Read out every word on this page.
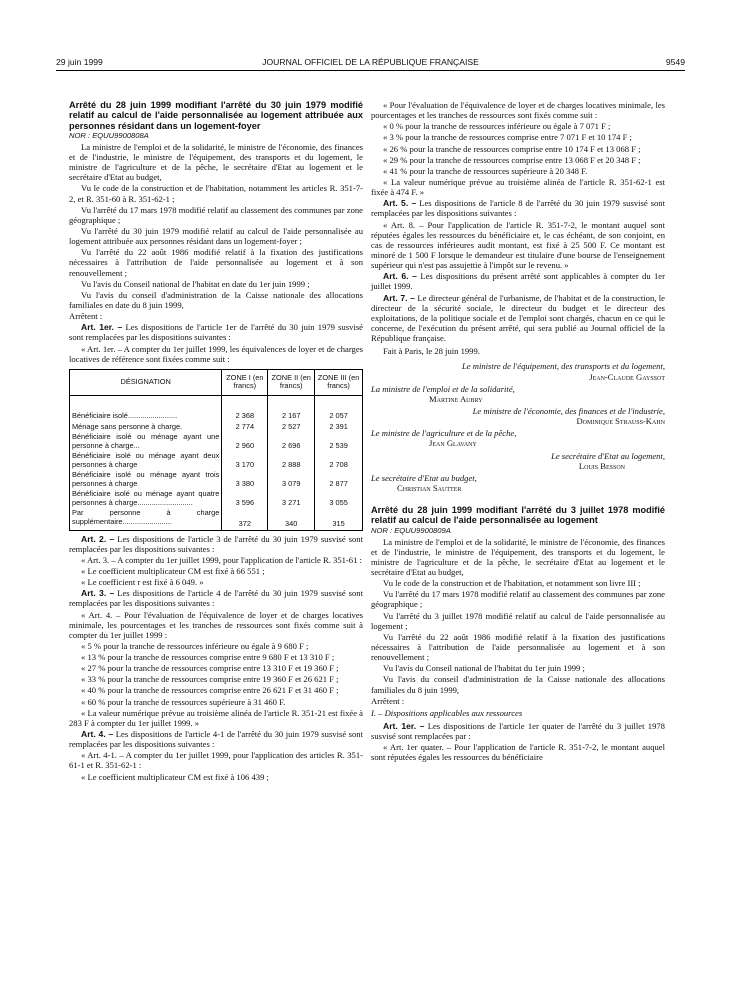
29 juin 1999	JOURNAL OFFICIEL DE LA RÉPUBLIQUE FRANÇAISE	9549

Arrêté du 28 juin 1999 modifiant l'arrêté du 30 juin 1979 modifié relatif au calcul de l'aide personnalisée au logement attribuée aux personnes résidant dans un logement-foyer

NOR : EQUU9900808A

La ministre de l'emploi et de la solidarité, le ministre de l'économie, des finances et de l'industrie, le ministre de l'équipement, des transports et du logement, le ministre de l'agriculture et de la pêche, le secrétaire d'Etat au logement et le secrétaire d'Etat au budget,

Vu le code de la construction et de l'habitation, notamment les articles R. 351-7-2, et R. 351-60 à R. 351-62-1 ;

Vu l'arrêté du 17 mars 1978 modifié relatif au classement des communes par zone géographique ;

Vu l'arrêté du 30 juin 1979 modifié relatif au calcul de l'aide personnalisée au logement attribuée aux personnes résidant dans un logement-foyer ;

Vu l'arrêté du 22 août 1986 modifié relatif à la fixation des justifications nécessaires à l'attribution de l'aide personnalisée au logement et à son renouvellement ;

Vu l'avis du Conseil national de l'habitat en date du 1er juin 1999 ;

Vu l'avis du conseil d'administration de la Caisse nationale des allocations familiales en date du 8 juin 1999,

Arrêtent :

Art. 1er. – Les dispositions de l'article 1er de l'arrêté du 30 juin 1979 susvisé sont remplacées par les dispositions suivantes :

« Art. 1er. – A compter du 1er juillet 1999, les équivalences de loyer et de charges locatives de référence sont fixées comme suit :

DÉSIGNATION	ZONE I (en francs)	ZONE II (en francs)	ZONE III (en francs)

Bénéficiaire isolé........................	2 368	2 167	2 057
Ménage sans personne à charge.	2 774	2 527	2 391
Bénéficiaire isolé ou ménage ayant une personne à charge...	2 960	2 696	2 539
Bénéficiaire isolé ou ménage ayant deux personnes à charge	3 170	2 888	2 708
Bénéficiaire isolé ou ménage ayant trois personnes à charge	3 380	3 079	2 877
Bénéficiaire isolé ou ménage ayant quatre personnes à charge...........................	3 596	3 271	3 055
Par personne à charge supplémentaire........................	372	340	315

Art. 2. – Les dispositions de l'article 3 de l'arrêté du 30 juin 1979 susvisé sont remplacées par les dispositions suivantes :

« Art. 3. – A compter du 1er juillet 1999, pour l'application de l'article R. 351-61 :

« Le coefficient multiplicateur CM est fixé à 66 551 ;

« Le coefficient r est fixé à 6 049. »

Art. 3. – Les dispositions de l'article 4 de l'arrêté du 30 juin 1979 susvisé sont remplacées par les dispositions suivantes :

« Art. 4. – Pour l'évaluation de l'équivalence de loyer et de charges locatives minimale, les pourcentages et les tranches de ressources sont fixés comme suit à compter du 1er juillet 1999 :

« 5 % pour la tranche de ressources inférieure ou égale à 9 680 F ;

« 13 % pour la tranche de ressources comprise entre 9 680 F et 13 310 F ;

« 27 % pour la tranche de ressources comprise entre 13 310 F et 19 360 F ;

« 33 % pour la tranche de ressources comprise entre 19 360 F et 26 621 F ;

« 40 % pour la tranche de ressources comprise entre 26 621 F et 31 460 F ;

« 60 % pour la tranche de ressources supérieure à 31 460 F.

« La valeur numérique prévue au troisième alinéa de l'article R. 351-21 est fixée à 283 F à compter du 1er juillet 1999. »

Art. 4. – Les dispositions de l'article 4-1 de l'arrêté du 30 juin 1979 susvisé sont remplacées par les dispositions suivantes :

« Art. 4-1. – A compter du 1er juillet 1999, pour l'application des articles R. 351-61-1 et R. 351-62-1 :

« Le coefficient multiplicateur CM est fixé à 106 439 ;

« Pour l'évaluation de l'équivalence de loyer et de charges locatives minimale, les pourcentages et les tranches de ressources sont fixés comme suit :

« 0 % pour la tranche de ressources inférieure ou égale à 7 071 F ;

« 3 % pour la tranche de ressources comprise entre 7 071 F et 10 174 F ;

« 26 % pour la tranche de ressources comprise entre 10 174 F et 13 068 F ;

« 29 % pour la tranche de ressources comprise entre 13 068 F et 20 348 F ;

« 41 % pour la tranche de ressources supérieure à 20 348 F.

« La valeur numérique prévue au troisième alinéa de l'article R. 351-62-1 est fixée à 474 F. »

Art. 5. – Les dispositions de l'article 8 de l'arrêté du 30 juin 1979 susvisé sont remplacées par les dispositions suivantes :

« Art. 8. – Pour l'application de l'article R. 351-7-2, le montant auquel sont réputées égales les ressources du bénéficiaire et, le cas échéant, de son conjoint, en cas de ressources inférieures audit montant, est fixé à 25 500 F. Ce montant est minoré de 1 500 F lorsque le demandeur est titulaire d'une bourse de l'enseignement supérieur qui n'est pas assujettie à l'impôt sur le revenu. »

Art. 6. – Les dispositions du présent arrêté sont applicables à compter du 1er juillet 1999.

Art. 7. – Le directeur général de l'urbanisme, de l'habitat et de la construction, le directeur de la sécurité sociale, le directeur du budget et le directeur des exploitations, de la politique sociale et de l'emploi sont chargés, chacun en ce qui le concerne, de l'exécution du présent arrêté, qui sera publié au Journal officiel de la République française.

Fait à Paris, le 28 juin 1999.

Le ministre de l'équipement, des transports et du logement,
Jean-Claude Gayssot
La ministre de l'emploi et de la solidarité,
Martine Aubry
Le ministre de l'économie, des finances et de l'industrie,
Dominique Strauss-Kahn
Le ministre de l'agriculture et de la pêche,
Jean Glavany
Le secrétaire d'Etat au logement,
Louis Besson
Le secrétaire d'Etat au budget,
Christian Sautter

Arrêté du 28 juin 1999 modifiant l'arrêté du 3 juillet 1978 modifié relatif au calcul de l'aide personnalisée au logement

NOR : EQUU9900809A

La ministre de l'emploi et de la solidarité, le ministre de l'économie, des finances et de l'industrie, le ministre de l'équipement, des transports et du logement, le ministre de l'agriculture et de la pêche, le secrétaire d'Etat au logement et le secrétaire d'Etat au budget,

Vu le code de la construction et de l'habitation, et notamment son livre III ;

Vu l'arrêté du 17 mars 1978 modifié relatif au classement des communes par zone géographique ;

Vu l'arrêté du 3 juillet 1978 modifié relatif au calcul de l'aide personnalisée au logement ;

Vu l'arrêté du 22 août 1986 modifié relatif à la fixation des justifications nécessaires à l'attribution de l'aide personnalisée au logement et à son renouvellement ;

Vu l'avis du Conseil national de l'habitat du 1er juin 1999 ;

Vu l'avis du conseil d'administration de la Caisse nationale des allocations familiales du 8 juin 1999,

Arrêtent :

I. – Dispositions applicables aux ressources

Art. 1er. – Les dispositions de l'article 1er quater de l'arrêté du 3 juillet 1978 susvisé sont remplacées par :

« Art. 1er quater. – Pour l'application de l'article R. 351-7-2, le montant auquel sont réputées égales les ressources du bénéficiaire
